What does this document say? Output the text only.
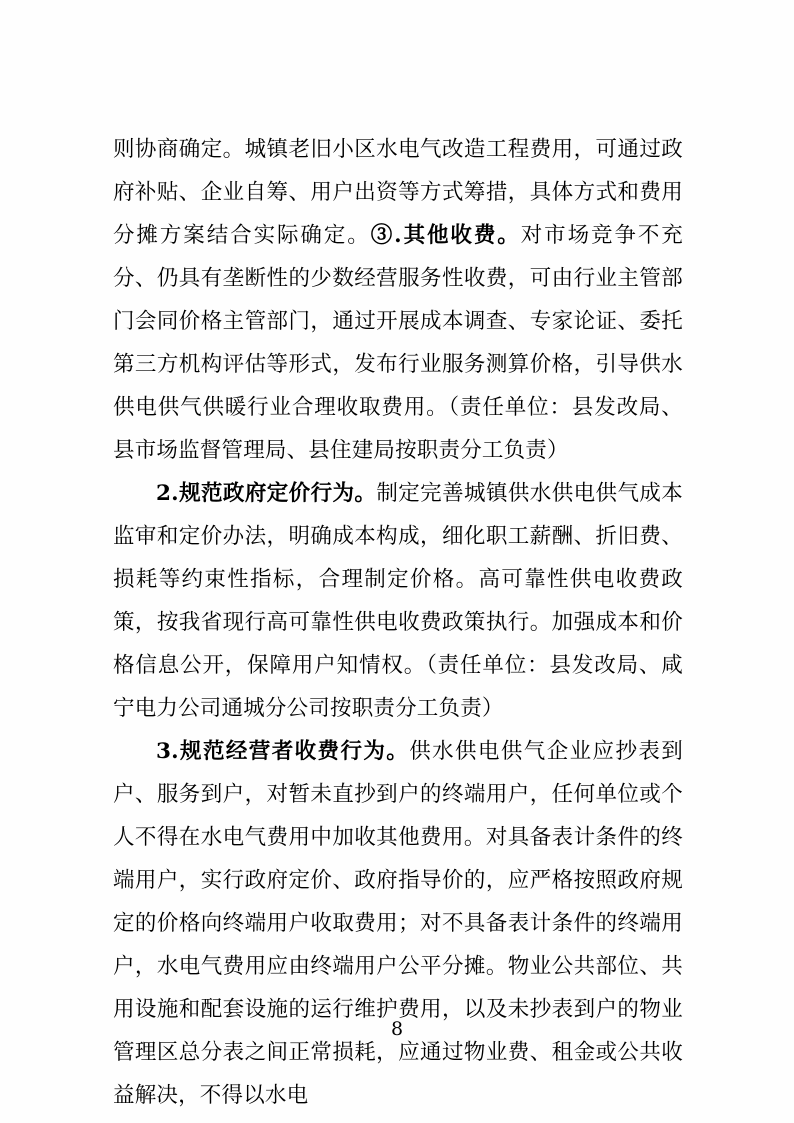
则协商确定。城镇老旧小区水电气改造工程费用，可通过政府补贴、企业自筹、用户出资等方式筹措，具体方式和费用分摊方案结合实际确定。③.其他收费。对市场竞争不充分、仍具有垄断性的少数经营服务性收费，可由行业主管部门会同价格主管部门，通过开展成本调查、专家论证、委托第三方机构评估等形式，发布行业服务测算价格，引导供水供电供气供暖行业合理收取费用。（责任单位：县发改局、县市场监督管理局、县住建局按职责分工负责）

2.规范政府定价行为。制定完善城镇供水供电供气成本监审和定价办法，明确成本构成，细化职工薪酬、折旧费、损耗等约束性指标，合理制定价格。高可靠性供电收费政策，按我省现行高可靠性供电收费政策执行。加强成本和价格信息公开，保障用户知情权。（责任单位：县发改局、咸宁电力公司通城分公司按职责分工负责）

3.规范经营者收费行为。供水供电供气企业应抄表到户、服务到户，对暂未直抄到户的终端用户，任何单位或个人不得在水电气费用中加收其他费用。对具备表计条件的终端用户，实行政府定价、政府指导价的，应严格按照政府规定的价格向终端用户收取费用；对不具备表计条件的终端用户，水电气费用应由终端用户公平分摊。物业公共部位、共用设施和配套设施的运行维护费用，以及未抄表到户的物业管理区总分表之间正常损耗，应通过物业费、租金或公共收益解决，不得以水电

8
